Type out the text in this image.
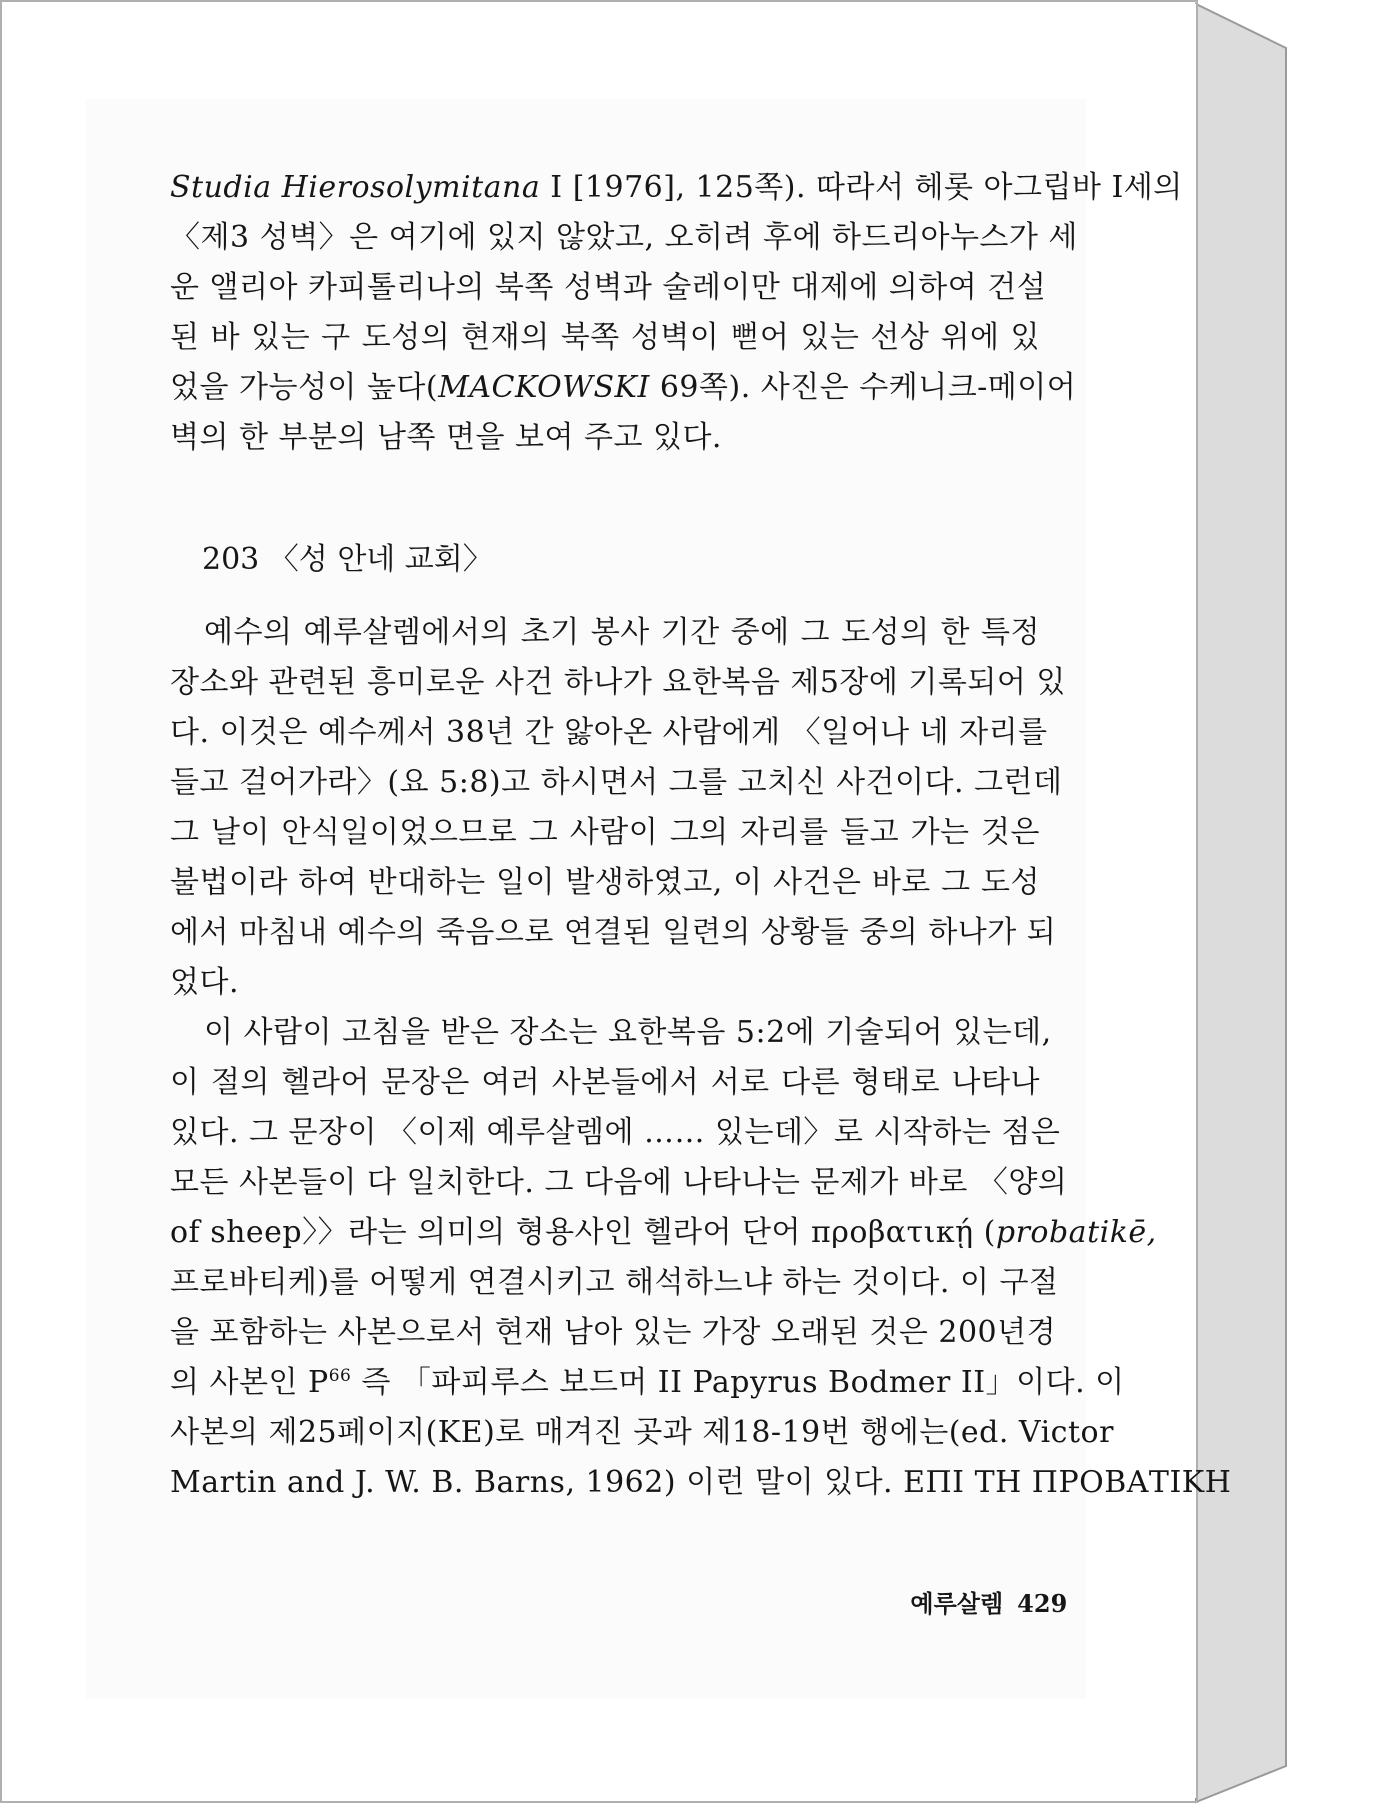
Studia Hierosolymitana I [1976], 125쪽). 따라서 헤롯 아그립바 I세의
〈제3 성벽〉은 여기에 있지 않았고, 오히려 후에 하드리아누스가 세
운 앨리아 카피톨리나의 북쪽 성벽과 술레이만 대제에 의하여 건설
된 바 있는 구 도성의 현재의 북쪽 성벽이 뻗어 있는 선상 위에 있
었을 가능성이 높다(MACKOWSKI 69쪽). 사진은 수케니크-메이어
벽의 한 부분의 남쪽 면을 보여 주고 있다.
203 〈성 안네 교회〉
예수의 예루살렘에서의 초기 봉사 기간 중에 그 도성의 한 특정
장소와 관련된 흥미로운 사건 하나가 요한복음 제5장에 기록되어 있
다. 이것은 예수께서 38년 간 앓아온 사람에게 〈일어나 네 자리를
들고 걸어가라〉(요 5:8)고 하시면서 그를 고치신 사건이다. 그런데
그 날이 안식일이었으므로 그 사람이 그의 자리를 들고 가는 것은
불법이라 하여 반대하는 일이 발생하였고, 이 사건은 바로 그 도성
에서 마침내 예수의 죽음으로 연결된 일련의 상황들 중의 하나가 되
었다.
이 사람이 고침을 받은 장소는 요한복음 5:2에 기술되어 있는데,
이 절의 헬라어 문장은 여러 사본들에서 서로 다른 형태로 나타나
있다. 그 문장이 〈이제 예루살렘에 …… 있는데〉로 시작하는 점은
모든 사본들이 다 일치한다. 그 다음에 나타나는 문제가 바로 〈양의
of sheep〉〉라는 의미의 형용사인 헬라어 단어 προβατικῄ (probatikē,
프로바티케)를 어떻게 연결시키고 해석하느냐 하는 것이다. 이 구절
을 포함하는 사본으로서 현재 남아 있는 가장 오래된 것은 200년경
의 사본인 $P^{66}$ 즉 「파피루스 보드머 II Papyrus Bodmer II」이다. 이
사본의 제25페이지(KE)로 매겨진 곳과 제18-19번 행에는(ed. Victor
Martin and J. W. B. Barns, 1962) 이런 말이 있다. ΕΠΙ ΤΗ ΠΡΟΒΑΤΙΚΗ

예루살렘 429
